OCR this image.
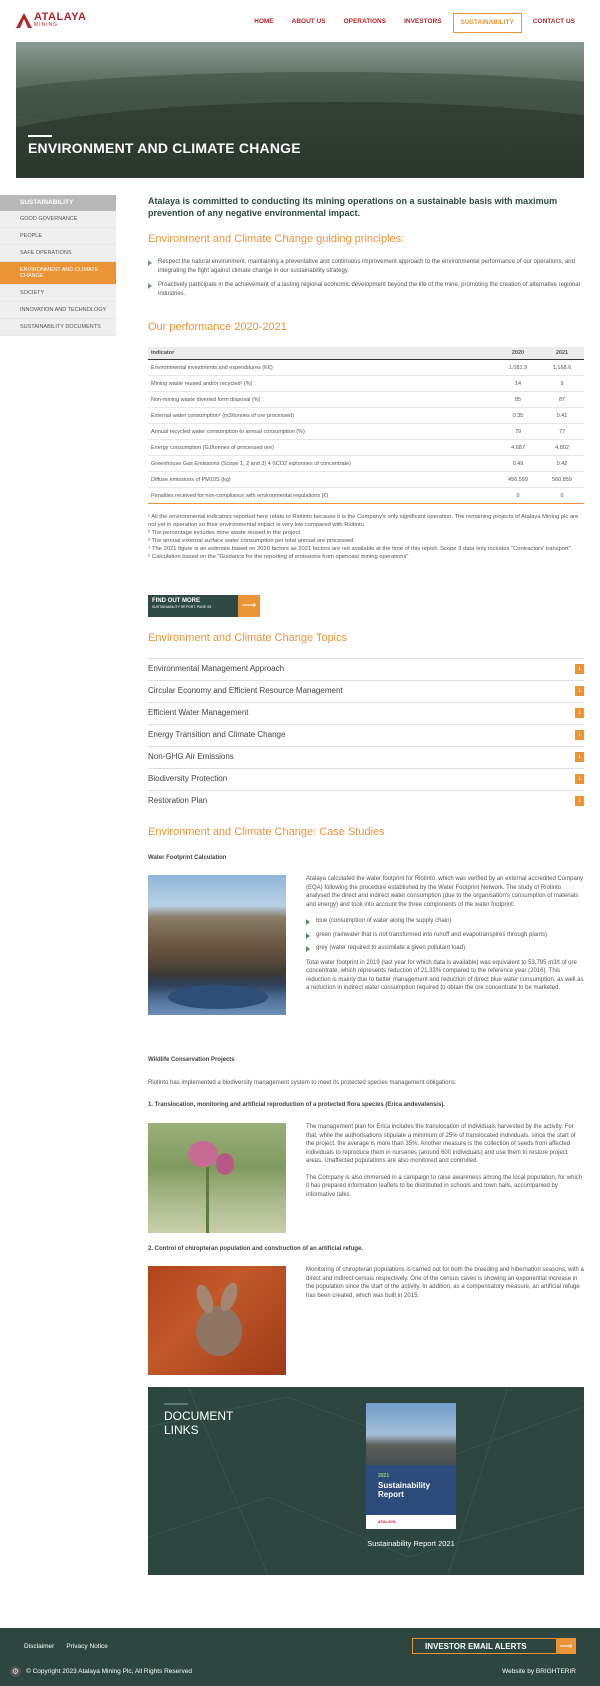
ATALAYA
MINING	HOME	ABOUT US	OPERATIONS	INVESTORS	SUSTAINABILITY	CONTACT US
ENVIRONMENT AND CLIMATE CHANGE
SUSTAINABILITY
GOOD GOVERNANCE
PEOPLE
SAFE OPERATIONS
ENVIRONMENT AND CLIMATE CHANGE
SOCIETY
INNOVATION AND TECHNOLOGY
SUSTAINABILITY DOCUMENTS

Atalaya is committed to conducting its mining operations on a sustainable basis with maximum prevention of any negative environmental impact.

Environment and Climate Change guiding principles:
Respect the natural environment, maintaining a preventative and continuous improvement approach to the environmental performance of our operations, and integrating the fight against climate change in our sustainability strategy.
Proactively participate in the achievement of a lasting regional economic development beyond the life of the mine, promoting the creation of alternative regional industries.
Our performance 2020-2021
Indicator	2020	2021
Environmental investments and expenditures (K€)	1,081.9	1,168.6
Mining waste reused and/or recycled¹ (%)	14	9
Non-mining waste diverted form disposal (%)	85	87
External water consumption² (m3/tonnes of ore processed)	0.35	0.41
Annual recycled water consumption to annual consumption (%)	79	77
Energy consumption (GJ/tonnes of processed ore)	4.687	4.802
Greenhouse Gas Emissions (Scope 1, 2 and 3) 4 (tCO2 eq/tonnes of concentrate)	0.49	0.42
Diffuse emissions of PM10S (kg)	456,599	560,859
Penalties received for non-compliance with environmental regulations (€)	0	0

¹ All the environmental indicators reported here relate to Riotinto because it is the Company's only significant operation. The remaining projects of Atalaya Mining plc are not yet in operation so their environmental impact is very low compared with Riotinto.

² The percentage includes mine waste reused in the project.

³ The annual external surface water consumption per total annual ore processed

⁴ The 2021 figure is an estimate based on 2020 factors as 2021 factors are not available at the time of this report. Scope 3 data only includes "Contractors' transport".

⁵ Calculation based on the "Guidance for the reporting of emissions from opencast mining operations"

FIND OUT MORE
SUSTAINABILITY REPORT, PAGE 65	⟶
Environment and Climate Change Topics
Environmental Management Approach	↓
Circular Economy and Efficient Resource Management	↓
Efficient Water Management	↓
Energy Transition and Climate Change	↓
Non-GHG Air Emissions	↓
Biodiversity Protection	↓
Restoration Plan	↓
Environment and Climate Change: Case Studies
Water Footprint Calculation

Atalaya calculated the water footprint for Riotinto, which was verified by an external accredited Company (EQA) following the procedure established by the Water Footprint Network. The study of Riotinto analysed the direct and indirect water consumption (due to the organisation's consumption of materials and energy) and took into account the three components of the water footprint:

blue (consumption of water along the supply chain)
green (rainwater that is not transformed into runoff and evapotranspires through plants)
grey (water required to assimilate a given pollutant load).

Total water footprint in 2019 (last year for which data is available) was equivalent to 53,795 m3/t of ore concentrate, which represents reduction of 21.33% compared to the reference year (2016). This reduction is mainly due to better management and reduction of direct blue water consumption, as well as a reduction in indirect water consumption required to obtain the ore concentrate to be marketed.

Wildlife Conservation Projects

Riotinto has implemented a biodiversity management system to meet its protected species management obligations:

1. Translocation, monitoring and artificial reproduction of a protected flora species (Erica andevalensis).

The management plan for Erica includes the translocation of individuals harvested by the activity. For that, while the authorisations stipulate a minimum of 25% of translocated individuals, since the start of the project, the average is more than 35%. Another measure is the collection of seeds from affected individuals to reproduce them in nurseries (around 600 individuals) and use them to restore project areas. Unaffected populations are also monitored and controlled.

The Company is also immersed in a campaign to raise awareness among the local population, for which it has prepared information leaflets to be distributed in schools and town halls, accompanied by informative talks.

2. Control of chiropteran population and construction of an artificial refuge.

Monitoring of chiropteran populations is carried out for both the breeding and hibernation seasons, with a direct and indirect census respectively. One of the census caves is showing an exponential increase in the population since the start of the activity. In addition, as a compensatory measure, an artificial refuge has been created, which was built in 2015.

DOCUMENT LINKS
2021
Sustainability Report
ATALAYA
Sustainability Report 2021
Disclaimer Privacy Notice	INVESTOR EMAIL ALERTS	⟶
⚙ © Copyright 2023 Atalaya Mining Plc, All Rights Reserved	Website by BRIGHTERIR
